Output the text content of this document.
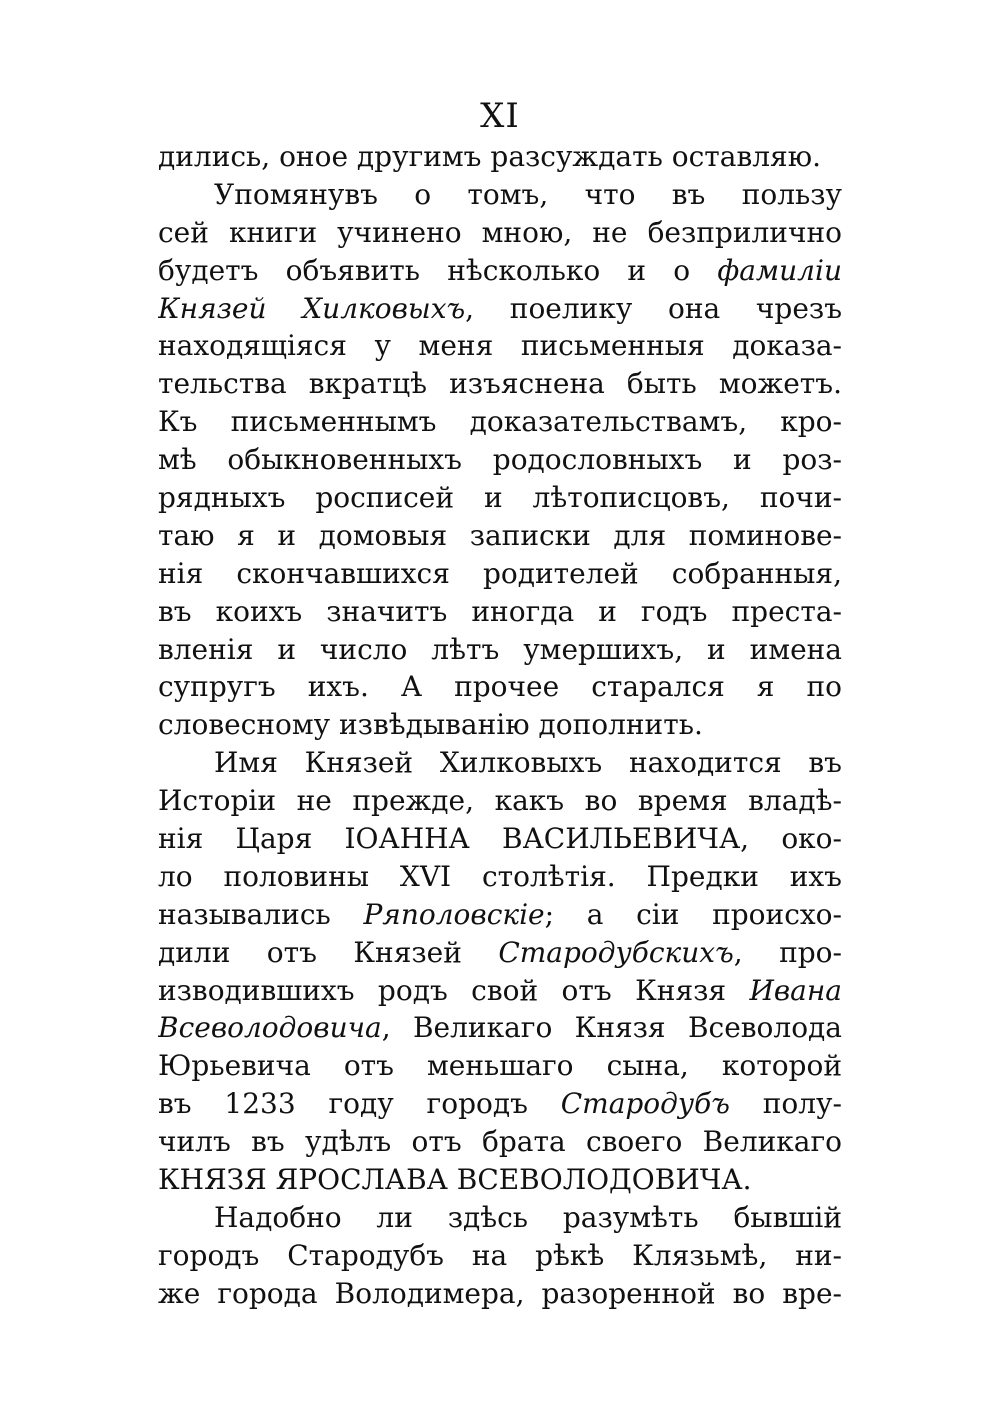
XI
дились, оное другимъ разсуждать оставляю.
Упомянувъ о томъ, что въ пользу
сей книги учинено мною, не безприлично
будетъ объявить нѣсколько и о фамиліи
Князей Хилковыхъ, поелику она чрезъ
находящіяся у меня письменныя доказа-
тельства вкратцѣ изъяснена быть можетъ.
Къ письменнымъ доказательствамъ, кро-
мѣ обыкновенныхъ родословныхъ и роз-
рядныхъ росписей и лѣтописцовъ, почи-
таю я и домовыя записки для поминове-
нія скончавшихся родителей собранныя,
въ коихъ значитъ иногда и годъ преста-
вленія и число лѣтъ умершихъ, и имена
супругъ ихъ. А прочее старался я по
словесному извѣдыванію дополнить.
Имя Князей Хилковыхъ находится въ
Исторіи не прежде, какъ во время владѣ-
нія Царя ІОАННА ВАСИЛЬЕВИЧА, око-
ло половины XVI столѣтія. Предки ихъ
назывались Ряполовскіе; а сіи происхо-
дили отъ Князей Стародубскихъ, про-
изводившихъ родъ свой отъ Князя Ивана
Всеволодовича, Великаго Князя Всеволода
Юрьевича отъ меньшаго сына, которой
въ 1233 году городъ Стародубъ полу-
чилъ въ удѣлъ отъ брата своего Великаго
КНЯЗЯ ЯРОСЛАВА ВСЕВОЛОДОВИЧА.
Надобно ли здѣсь разумѣть бывшій
городъ Стародубъ на рѣкѣ Клязьмѣ, ни-
же города Володимера, разоренной во вре-
